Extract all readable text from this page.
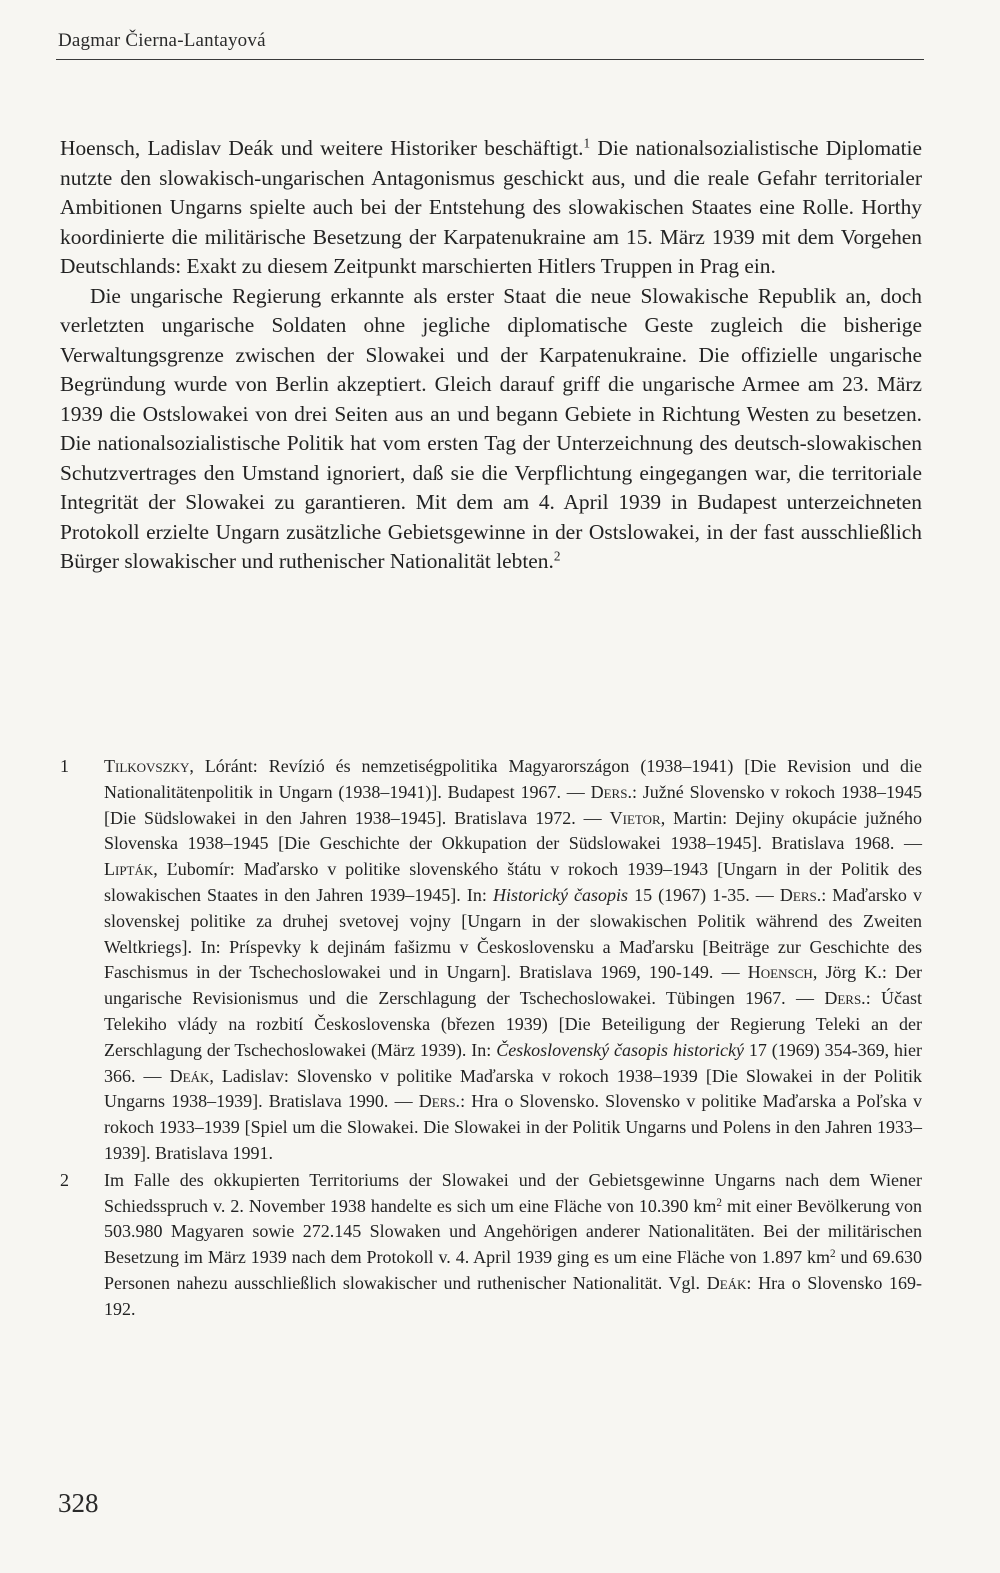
Dagmar Čierna-Lantayová

Hoensch, Ladislav Deák und weitere Historiker beschäftigt.$^1$ Die nationalsozialistische Diplomatie nutzte den slowakisch-ungarischen Antagonismus geschickt aus, und die reale Gefahr territorialer Ambitionen Ungarns spielte auch bei der Entstehung des slowakischen Staates eine Rolle. Horthy koordinierte die militärische Besetzung der Karpatenukraine am 15. März 1939 mit dem Vorgehen Deutschlands: Exakt zu diesem Zeitpunkt marschierten Hitlers Truppen in Prag ein.

Die ungarische Regierung erkannte als erster Staat die neue Slowakische Republik an, doch verletzten ungarische Soldaten ohne jegliche diplomatische Geste zugleich die bisherige Verwaltungsgrenze zwischen der Slowakei und der Karpatenukraine. Die offizielle ungarische Begründung wurde von Berlin akzeptiert. Gleich darauf griff die ungarische Armee am 23. März 1939 die Ostslowakei von drei Seiten aus an und begann Gebiete in Richtung Westen zu besetzen. Die nationalsozialistische Politik hat vom ersten Tag der Unterzeichnung des deutsch-slowakischen Schutzvertrages den Umstand ignoriert, daß sie die Verpflichtung eingegangen war, die territoriale Integrität der Slowakei zu garantieren. Mit dem am 4. April 1939 in Budapest unterzeichneten Protokoll erzielte Ungarn zusätzliche Gebietsgewinne in der Ostslowakei, in der fast ausschließlich Bürger slowakischer und ruthenischer Nationalität lebten.$^2$

1	Tilkovszky, Lóránt: Revízió és nemzetiségpolitika Magyarországon (1938–1941) [Die Revision und die Nationalitätenpolitik in Ungarn (1938–1941)]. Budapest 1967. — Ders.: Južné Slovensko v rokoch 1938–1945 [Die Südslowakei in den Jahren 1938–1945]. Bratislava 1972. — Vietor, Martin: Dejiny okupácie južného Slovenska 1938–1945 [Die Geschichte der Okkupation der Südslowakei 1938–1945]. Bratislava 1968. — Lipták, Ľubomír: Maďarsko v politike slovenského štátu v rokoch 1939–1943 [Ungarn in der Politik des slowakischen Staates in den Jahren 1939–1945]. In: Historický časopis 15 (1967) 1-35. — Ders.: Maďarsko v slovenskej politike za druhej svetovej vojny [Ungarn in der slowakischen Politik während des Zweiten Weltkriegs]. In: Príspevky k dejinám fašizmu v Československu a Maďarsku [Beiträge zur Geschichte des Faschismus in der Tschechoslowakei und in Ungarn]. Bratislava 1969, 190-149. — Hoensch, Jörg K.: Der ungarische Revisionismus und die Zerschlagung der Tschechoslowakei. Tübingen 1967. — Ders.: Účast Telekiho vlády na rozbití Československa (březen 1939) [Die Beteiligung der Regierung Teleki an der Zerschlagung der Tschechoslowakei (März 1939). In: Československý časopis historický 17 (1969) 354-369, hier 366. — Deák, Ladislav: Slovensko v politike Maďarska v rokoch 1938–1939 [Die Slowakei in der Politik Ungarns 1938–1939]. Bratislava 1990. — Ders.: Hra o Slovensko. Slovensko v politike Maďarska a Poľska v rokoch 1933–1939 [Spiel um die Slowakei. Die Slowakei in der Politik Ungarns und Polens in den Jahren 1933–1939]. Bratislava 1991.
2	Im Falle des okkupierten Territoriums der Slowakei und der Gebietsgewinne Ungarns nach dem Wiener Schiedsspruch v. 2. November 1938 handelte es sich um eine Fläche von 10.390 $km^2$ mit einer Bevölkerung von 503.980 Magyaren sowie 272.145 Slowaken und Angehörigen anderer Nationalitäten. Bei der militärischen Besetzung im März 1939 nach dem Protokoll v. 4. April 1939 ging es um eine Fläche von 1.897 $km^2$ und 69.630 Personen nahezu ausschließlich slowakischer und ruthenischer Nationalität. Vgl. Deák: Hra o Slovensko 169-192.
328
